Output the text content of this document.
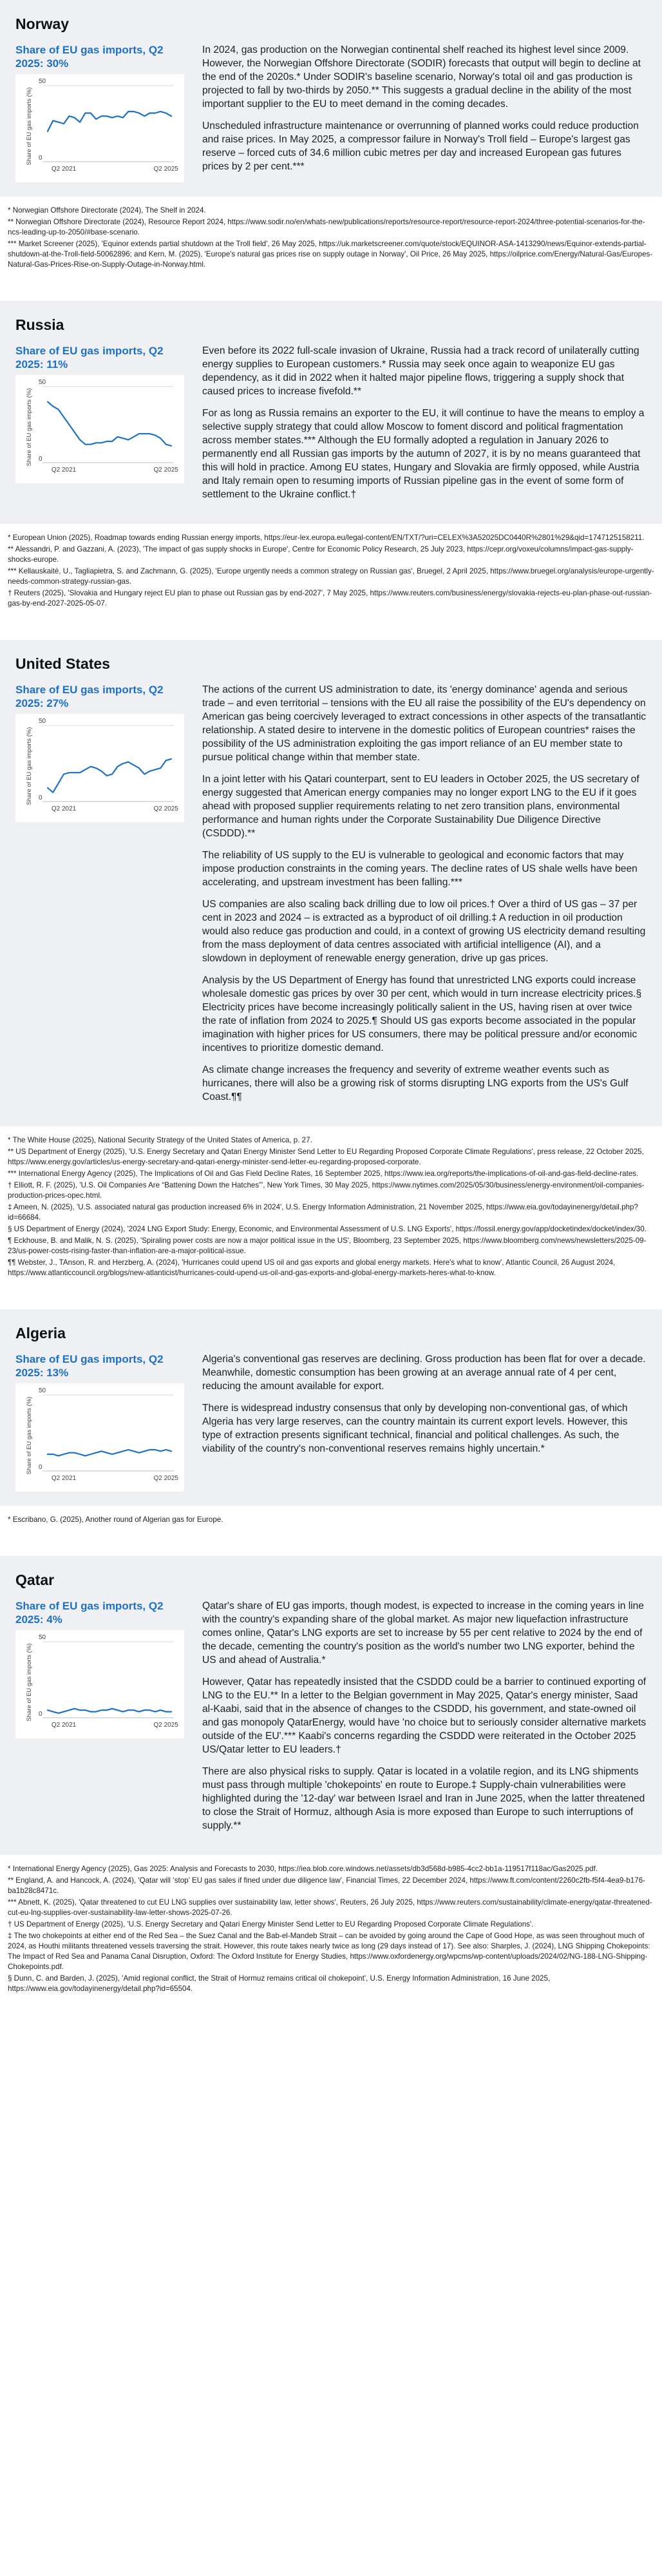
Norway
Share of EU gas imports, Q2 2025: 30%
50
0
Share of EU gas imports (%)
Q2 2021	Q2 2025

In 2024, gas production on the Norwegian continental shelf reached its highest level since 2009. However, the Norwegian Offshore Directorate (SODIR) forecasts that output will begin to decline at the end of the 2020s.* Under SODIR's baseline scenario, Norway's total oil and gas production is projected to fall by two-thirds by 2050.** This suggests a gradual decline in the ability of the most important supplier to the EU to meet demand in the coming decades.

Unscheduled infrastructure maintenance or overrunning of planned works could reduce production and raise prices. In May 2025, a compressor failure in Norway's Troll field – Europe's largest gas reserve – forced cuts of 34.6 million cubic metres per day and increased European gas futures prices by 2 per cent.***

* Norwegian Offshore Directorate (2024), The Shelf in 2024.

** Norwegian Offshore Directorate (2024), Resource Report 2024, https://www.sodir.no/en/whats-new/publications/reports/resource-report/resource-report-2024/three-potential-scenarios-for-the-ncs-leading-up-to-2050/#base-scenario.

*** Market Screener (2025), 'Equinor extends partial shutdown at the Troll field', 26 May 2025, https://uk.marketscreener.com/quote/stock/EQUINOR-ASA-1413290/news/Equinor-extends-partial-shutdown-at-the-Troll-field-50062896; and Kern, M. (2025), 'Europe's natural gas prices rise on supply outage in Norway', Oil Price, 26 May 2025, https://oilprice.com/Energy/Natural-Gas/Europes-Natural-Gas-Prices-Rise-on-Supply-Outage-in-Norway.html.

Russia
Share of EU gas imports, Q2 2025: 11%
50
0
Share of EU gas imports (%)
Q2 2021	Q2 2025

Even before its 2022 full-scale invasion of Ukraine, Russia had a track record of unilaterally cutting energy supplies to European customers.* Russia may seek once again to weaponize EU gas dependency, as it did in 2022 when it halted major pipeline flows, triggering a supply shock that caused prices to increase fivefold.**

For as long as Russia remains an exporter to the EU, it will continue to have the means to employ a selective supply strategy that could allow Moscow to foment discord and political fragmentation across member states.*** Although the EU formally adopted a regulation in January 2026 to permanently end all Russian gas imports by the autumn of 2027, it is by no means guaranteed that this will hold in practice. Among EU states, Hungary and Slovakia are firmly opposed, while Austria and Italy remain open to resuming imports of Russian pipeline gas in the event of some form of settlement to the Ukraine conflict.†

* European Union (2025), Roadmap towards ending Russian energy imports, https://eur-lex.europa.eu/legal-content/EN/TXT/?uri=CELEX%3A52025DC0440R%2801%29&qid=1747125158211.

** Alessandri, P. and Gazzani, A. (2023), 'The impact of gas supply shocks in Europe', Centre for Economic Policy Research, 25 July 2023, https://cepr.org/voxeu/columns/impact-gas-supply-shocks-europe.

*** Kellauskaité, U., Tagliapietra, S. and Zachmann, G. (2025), 'Europe urgently needs a common strategy on Russian gas', Bruegel, 2 April 2025, https://www.bruegel.org/analysis/europe-urgently-needs-common-strategy-russian-gas.

† Reuters (2025), 'Slovakia and Hungary reject EU plan to phase out Russian gas by end-2027', 7 May 2025, https://www.reuters.com/business/energy/slovakia-rejects-eu-plan-phase-out-russian-gas-by-end-2027-2025-05-07.

United States
Share of EU gas imports, Q2 2025: 27%
50
0
Share of EU gas imports (%)
Q2 2021	Q2 2025

The actions of the current US administration to date, its 'energy dominance' agenda and serious trade – and even territorial – tensions with the EU all raise the possibility of the EU's dependency on American gas being coercively leveraged to extract concessions in other aspects of the transatlantic relationship. A stated desire to intervene in the domestic politics of European countries* raises the possibility of the US administration exploiting the gas import reliance of an EU member state to pursue political change within that member state.

In a joint letter with his Qatari counterpart, sent to EU leaders in October 2025, the US secretary of energy suggested that American energy companies may no longer export LNG to the EU if it goes ahead with proposed supplier requirements relating to net zero transition plans, environmental performance and human rights under the Corporate Sustainability Due Diligence Directive (CSDDD).**

The reliability of US supply to the EU is vulnerable to geological and economic factors that may impose production constraints in the coming years. The decline rates of US shale wells have been accelerating, and upstream investment has been falling.***

US companies are also scaling back drilling due to low oil prices.† Over a third of US gas – 37 per cent in 2023 and 2024 – is extracted as a byproduct of oil drilling.‡ A reduction in oil production would also reduce gas production and could, in a context of growing US electricity demand resulting from the mass deployment of data centres associated with artificial intelligence (AI), and a slowdown in deployment of renewable energy generation, drive up gas prices.

Analysis by the US Department of Energy has found that unrestricted LNG exports could increase wholesale domestic gas prices by over 30 per cent, which would in turn increase electricity prices.§ Electricity prices have become increasingly politically salient in the US, having risen at over twice the rate of inflation from 2024 to 2025.¶ Should US gas exports become associated in the popular imagination with higher prices for US consumers, there may be political pressure and/or economic incentives to prioritize domestic demand.

As climate change increases the frequency and severity of extreme weather events such as hurricanes, there will also be a growing risk of storms disrupting LNG exports from the US's Gulf Coast.¶¶

* The White House (2025), National Security Strategy of the United States of America, p. 27.

** US Department of Energy (2025), 'U.S. Energy Secretary and Qatari Energy Minister Send Letter to EU Regarding Proposed Corporate Climate Regulations', press release, 22 October 2025, https://www.energy.gov/articles/us-energy-secretary-and-qatari-energy-minister-send-letter-eu-regarding-proposed-corporate.

*** International Energy Agency (2025), The Implications of Oil and Gas Field Decline Rates, 16 September 2025, https://www.iea.org/reports/the-implications-of-oil-and-gas-field-decline-rates.

† Elliott, R. F. (2025), 'U.S. Oil Companies Are “Battening Down the Hatches”', New York Times, 30 May 2025, https://www.nytimes.com/2025/05/30/business/energy-environment/oil-companies-production-prices-opec.html.

‡ Ameen, N. (2025), 'U.S. associated natural gas production increased 6% in 2024', U.S. Energy Information Administration, 21 November 2025, https://www.eia.gov/todayinenergy/detail.php?id=66684.

§ US Department of Energy (2024), '2024 LNG Export Study: Energy, Economic, and Environmental Assessment of U.S. LNG Exports', https://fossil.energy.gov/app/docketindex/docket/index/30.

¶ Eckhouse, B. and Malik, N. S. (2025), 'Spiraling power costs are now a major political issue in the US', Bloomberg, 23 September 2025, https://www.bloomberg.com/news/newsletters/2025-09-23/us-power-costs-rising-faster-than-inflation-are-a-major-political-issue.

¶¶ Webster, J., TAnson, R. and Herzberg, A. (2024), 'Hurricanes could upend US oil and gas exports and global energy markets. Here's what to know', Atlantic Council, 26 August 2024, https://www.atlanticcouncil.org/blogs/new-atlanticist/hurricanes-could-upend-us-oil-and-gas-exports-and-global-energy-markets-heres-what-to-know.

Algeria
Share of EU gas imports, Q2 2025: 13%
50
0
Share of EU gas imports (%)
Q2 2021	Q2 2025

Algeria's conventional gas reserves are declining. Gross production has been flat for over a decade. Meanwhile, domestic consumption has been growing at an average annual rate of 4 per cent, reducing the amount available for export.

There is widespread industry consensus that only by developing non-conventional gas, of which Algeria has very large reserves, can the country maintain its current export levels. However, this type of extraction presents significant technical, financial and political challenges. As such, the viability of the country's non-conventional reserves remains highly uncertain.*

* Escribano, G. (2025), Another round of Algerian gas for Europe.

Qatar
Share of EU gas imports, Q2 2025: 4%
50
0
Share of EU gas imports (%)
Q2 2021	Q2 2025

Qatar's share of EU gas imports, though modest, is expected to increase in the coming years in line with the country's expanding share of the global market. As major new liquefaction infrastructure comes online, Qatar's LNG exports are set to increase by 55 per cent relative to 2024 by the end of the decade, cementing the country's position as the world's number two LNG exporter, behind the US and ahead of Australia.*

However, Qatar has repeatedly insisted that the CSDDD could be a barrier to continued exporting of LNG to the EU.** In a letter to the Belgian government in May 2025, Qatar's energy minister, Saad al-Kaabi, said that in the absence of changes to the CSDDD, his government, and state-owned oil and gas monopoly QatarEnergy, would have 'no choice but to seriously consider alternative markets outside of the EU'.*** Kaabi's concerns regarding the CSDDD were reiterated in the October 2025 US/Qatar letter to EU leaders.†

There are also physical risks to supply. Qatar is located in a volatile region, and its LNG shipments must pass through multiple 'chokepoints' en route to Europe.‡ Supply-chain vulnerabilities were highlighted during the '12-day' war between Israel and Iran in June 2025, when the latter threatened to close the Strait of Hormuz, although Asia is more exposed than Europe to such interruptions of supply.**

* International Energy Agency (2025), Gas 2025: Analysis and Forecasts to 2030, https://iea.blob.core.windows.net/assets/db3d568d-b985-4cc2-bb1a-119517f118ac/Gas2025.pdf.

** England, A. and Hancock, A. (2024), 'Qatar will ‘stop’ EU gas sales if fined under due diligence law', Financial Times, 22 December 2024, https://www.ft.com/content/2260c2fb-f5f4-4ea9-b176-ba1b28c8471c.

*** Abnett, K. (2025), 'Qatar threatened to cut EU LNG supplies over sustainability law, letter shows', Reuters, 26 July 2025, https://www.reuters.com/sustainability/climate-energy/qatar-threatened-cut-eu-lng-supplies-over-sustainability-law-letter-shows-2025-07-26.

† US Department of Energy (2025), 'U.S. Energy Secretary and Qatari Energy Minister Send Letter to EU Regarding Proposed Corporate Climate Regulations'.

‡ The two chokepoints at either end of the Red Sea – the Suez Canal and the Bab-el-Mandeb Strait – can be avoided by going around the Cape of Good Hope, as was seen throughout much of 2024, as Houthi militants threatened vessels traversing the strait. However, this route takes nearly twice as long (29 days instead of 17). See also: Sharples, J. (2024), LNG Shipping Chokepoints: The Impact of Red Sea and Panama Canal Disruption, Oxford: The Oxford Institute for Energy Studies, https://www.oxfordenergy.org/wpcms/wp-content/uploads/2024/02/NG-188-LNG-Shipping-Chokepoints.pdf.

§ Dunn, C. and Barden, J. (2025), 'Amid regional conflict, the Strait of Hormuz remains critical oil chokepoint', U.S. Energy Information Administration, 16 June 2025, https://www.eia.gov/todayinenergy/detail.php?id=65504.
